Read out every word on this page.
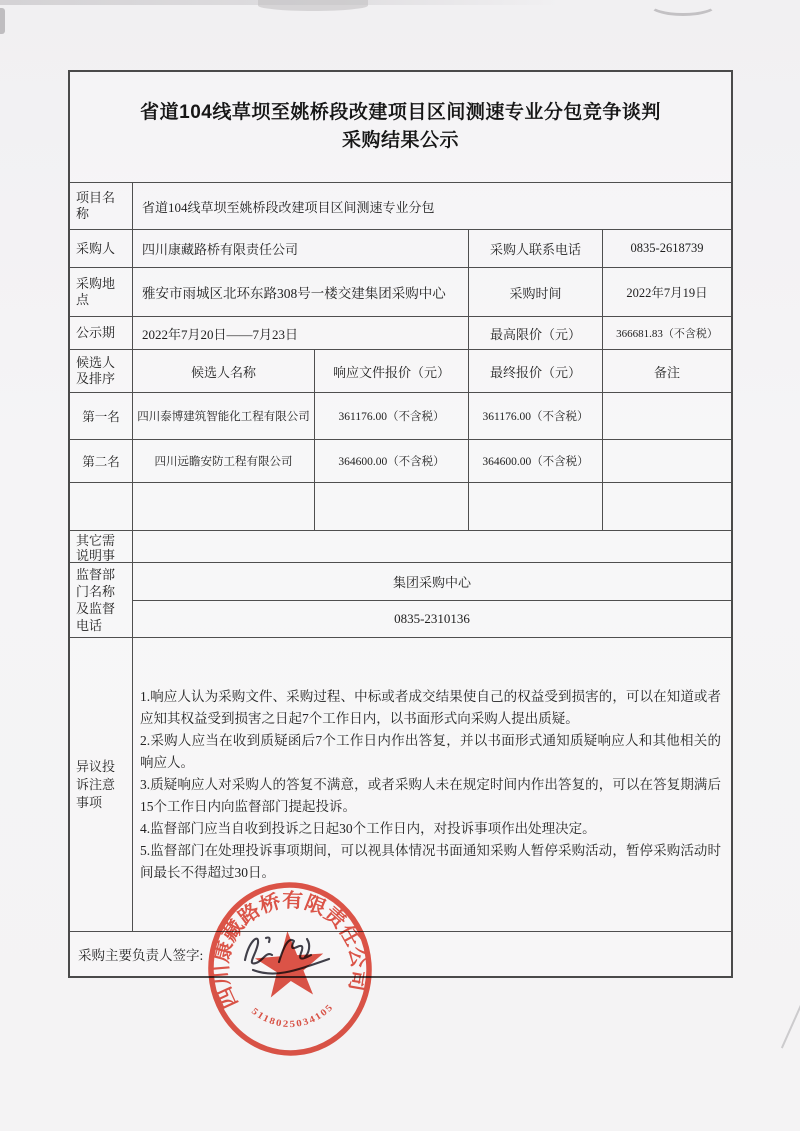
省道104线草坝至姚桥段改建项目区间测速专业分包竞争谈判
采购结果公示
项目名称	省道104线草坝至姚桥段改建项目区间测速专业分包
采购人	四川康藏路桥有限责任公司	采购人联系电话	0835-2618739
采购地点	雅安市雨城区北环东路308号一楼交建集团采购中心	采购时间	2022年7月19日
公示期	2022年7月20日——7月23日	最高限价（元）	366681.83（不含税）
候选人及排序	候选人名称	响应文件报价（元）	最终报价（元）	备注
第一名	四川泰博建筑智能化工程有限公司	361176.00（不含税）	361176.00（不含税）
第二名	四川远瞻安防工程有限公司	364600.00（不含税）	364600.00（不含税）
其它需说明事
监督部门名称及监督电话
集团采购中心
0835-2310136
异议投诉注意事项

1.响应人认为采购文件、采购过程、中标或者成交结果使自己的权益受到损害的，可以在知道或者应知其权益受到损害之日起7个工作日内，以书面形式向采购人提出质疑。

2.采购人应当在收到质疑函后7个工作日内作出答复，并以书面形式通知质疑响应人和其他相关的响应人。

3.质疑响应人对采购人的答复不满意，或者采购人未在规定时间内作出答复的，可以在答复期满后15个工作日内向监督部门提起投诉。

4.监督部门应当自收到投诉之日起30个工作日内，对投诉事项作出处理决定。

5.监督部门在处理投诉事项期间，可以视具体情况书面通知采购人暂停采购活动，暂停采购活动时间最长不得超过30日。

采购主要负责人签字:
四川康藏路桥有限责任公司
5118025034105
